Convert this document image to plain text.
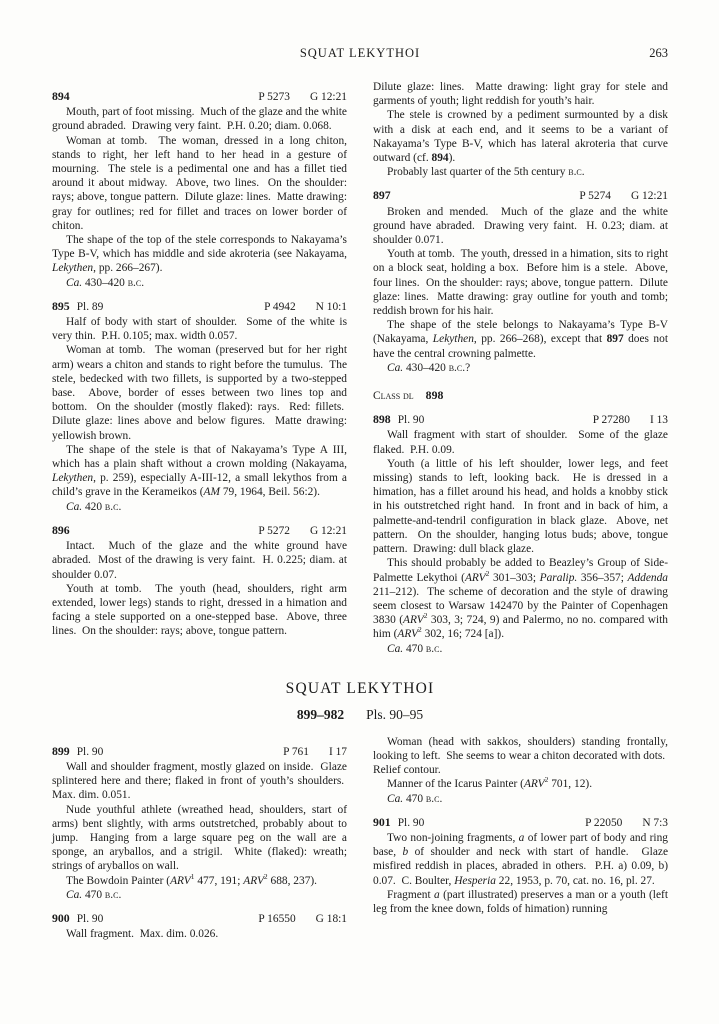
SQUAT LEKYTHOI	263
894	P 5273 G 12:21

Mouth, part of foot missing.  Much of the glaze and the white ground abraded.  Drawing very faint.  P.H. 0.20; diam. 0.068.

Woman at tomb.  The woman, dressed in a long chiton, stands to right, her left hand to her head in a gesture of mourning.  The stele is a pedimental one and has a fillet tied around it about midway.  Above, two lines.  On the shoulder: rays; above, tongue pattern.  Dilute glaze: lines.  Matte drawing: gray for outlines; red for fillet and traces on lower border of chiton.

The shape of the top of the stele corresponds to Nakayama’s Type B-V, which has middle and side akroteria (see Nakayama, Lekythen, pp. 266–267).

Ca. 430–420 b.c.

895 Pl. 89	P 4942 N 10:1

Half of body with start of shoulder.  Some of the white is very thin.  P.H. 0.105; max. width 0.057.

Woman at tomb.  The woman (preserved but for her right arm) wears a chiton and stands to right before the tumulus.  The stele, bedecked with two fillets, is supported by a two-stepped base.  Above, border of esses between two lines top and bottom.  On the shoulder (mostly flaked): rays.  Red: fillets.  Dilute glaze: lines above and below figures.  Matte drawing: yellowish brown.

The shape of the stele is that of Nakayama’s Type A III, which has a plain shaft without a crown molding (Nakayama, Lekythen, p. 259), especially A-III-12, a small lekythos from a child’s grave in the Kerameikos (AM 79, 1964, Beil. 56:2).

Ca. 420 b.c.

896	P 5272 G 12:21

Intact.  Much of the glaze and the white ground have abraded.  Most of the drawing is very faint.  H. 0.225; diam. at shoulder 0.07.

Youth at tomb.  The youth (head, shoulders, right arm extended, lower legs) stands to right, dressed in a himation and facing a stele supported on a one-stepped base.  Above, three lines.  On the shoulder: rays; above, tongue pattern.

Dilute glaze: lines.  Matte drawing: light gray for stele and garments of youth; light reddish for youth’s hair.

The stele is crowned by a pediment surmounted by a disk with a disk at each end, and it seems to be a variant of Nakayama’s Type B-V, which has lateral akroteria that curve outward (cf. 894).

Probably last quarter of the 5th century b.c.

897	P 5274 G 12:21

Broken and mended.  Much of the glaze and the white ground have abraded.  Drawing very faint.  H. 0.23; diam. at shoulder 0.071.

Youth at tomb.  The youth, dressed in a himation, sits to right on a block seat, holding a box.  Before him is a stele.  Above, four lines.  On the shoulder: rays; above, tongue pattern.  Dilute glaze: lines.  Matte drawing: gray outline for youth and tomb; reddish brown for his hair.

The shape of the stele belongs to Nakayama’s Type B-V (Nakayama, Lekythen, pp. 266–268), except that 897 does not have the central crowning palmette.

Ca. 430–420 b.c.?

Class dl 898
898 Pl. 90	P 27280 I 13

Wall fragment with start of shoulder.  Some of the glaze flaked.  P.H. 0.09.

Youth (a little of his left shoulder, lower legs, and feet missing) stands to left, looking back.  He is dressed in a himation, has a fillet around his head, and holds a knobby stick in his outstretched right hand.  In front and in back of him, a palmette-and-tendril configuration in black glaze.  Above, net pattern.  On the shoulder, hanging lotus buds; above, tongue pattern.  Drawing: dull black glaze.

This should probably be added to Beazley’s Group of Side-Palmette Lekythoi (ARV$^2$ 301–303; Paralip. 356–357; Addenda 211–212).  The scheme of decoration and the style of drawing seem closest to Warsaw 142470 by the Painter of Copenhagen 3830 (ARV$^2$ 303, 3; 724, 9) and Palermo, no no. compared with him (ARV$^2$ 302, 16; 724 [a]).

Ca. 470 b.c.

SQUAT LEKYTHOI
899–982 Pls. 90–95
899 Pl. 90	P 761 I 17

Wall and shoulder fragment, mostly glazed on inside.  Glaze splintered here and there; flaked in front of youth’s shoulders.  Max. dim. 0.051.

Nude youthful athlete (wreathed head, shoulders, start of arms) bent slightly, with arms outstretched, probably about to jump.  Hanging from a large square peg on the wall are a sponge, an aryballos, and a strigil.  White (flaked): wreath; strings of aryballos on wall.

The Bowdoin Painter (ARV$^1$ 477, 191; ARV$^2$ 688, 237).

Ca. 470 b.c.

900 Pl. 90	P 16550 G 18:1

Wall fragment.  Max. dim. 0.026.

Woman (head with sakkos, shoulders) standing frontally, looking to left.  She seems to wear a chiton decorated with dots.  Relief contour.

Manner of the Icarus Painter (ARV$^2$ 701, 12).

Ca. 470 b.c.

901 Pl. 90	P 22050 N 7:3

Two non-joining fragments, a of lower part of body and ring base, b of shoulder and neck with start of handle.  Glaze misfired reddish in places, abraded in others.  P.H. a) 0.09, b) 0.07.  C. Boulter, Hesperia 22, 1953, p. 70, cat. no. 16, pl. 27.

Fragment a (part illustrated) preserves a man or a youth (left leg from the knee down, folds of himation) running
